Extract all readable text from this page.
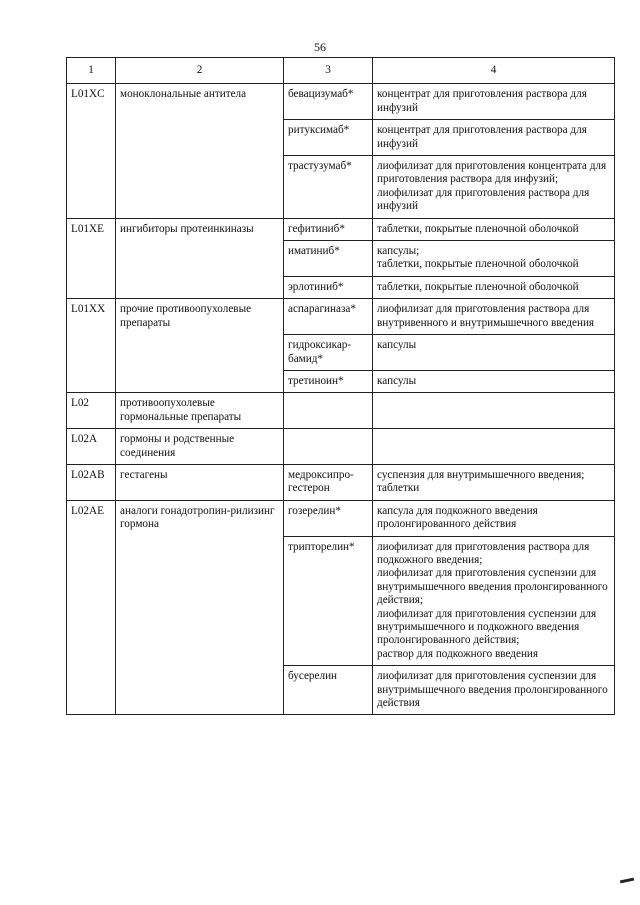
56
1	2	3	4
L01XC	моноклональные антитела	бевацизумаб*	концентрат для приготовления раствора для инфузий

		ритуксимаб*	концентрат для приготовления раствора для инфузий

		трастузумаб*	лиофилизат для приготовления концентрата для приготовления раствора для инфузий;
лиофилизат для приготовления раствора для инфузий

L01XE	ингибиторы протеинкиназы	гефитиниб*	таблетки, покрытые пленочной оболочкой

		иматиниб*	капсулы;
таблетки, покрытые пленочной оболочкой

		эрлотиниб*	таблетки, покрытые пленочной оболочкой

L01XX	прочие противоопухолевые препараты	аспарагиназа*	лиофилизат для приготовления раствора для внутривенного и внутримышечного введения

		гидроксикар-бамид*	капсулы

		третиноин*	капсулы

L02	противоопухолевые гормональные препараты		
L02A	гормоны и родственные соединения		
L02AB	гестагены	медроксипро-гестерон	суспензия для внутримышечного введения;
таблетки

L02AE	аналоги гонадотропин-рилизинг гормона	гозерелин*	капсула для подкожного введения пролонгированного действия

		трипторелин*	лиофилизат для приготовления раствора для подкожного введения;
лиофилизат для приготовления суспензии для внутримышечного введения пролонгированного действия;
лиофилизат для приготовления суспензии для внутримышечного и подкожного введения пролонгированного действия;
раствор для подкожного введения

		бусерелин	лиофилизат для приготовления суспензии для внутримышечного введения пролонгированного действия
